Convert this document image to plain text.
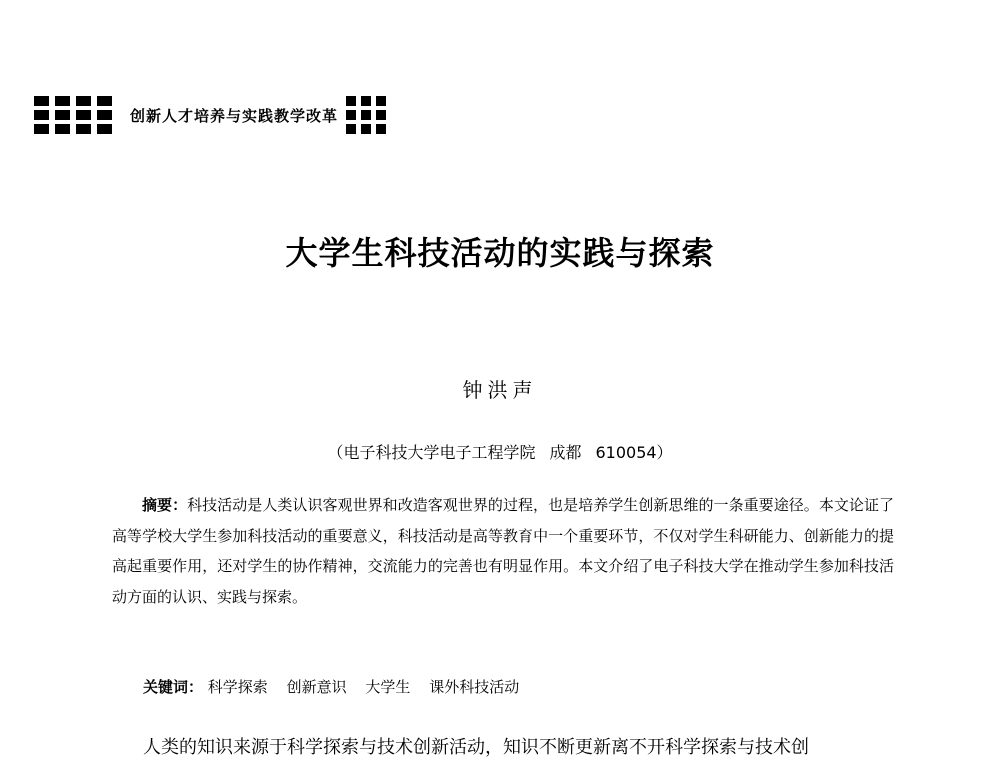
创新人才培养与实践教学改革
大学生科技活动的实践与探索
钟洪声
（电子科技大学电子工程学院 成都 610054）
摘要：科技活动是人类认识客观世界和改造客观世界的过程，也是培养学生创新思维的一条重要途径。本文论证了高等学校大学生参加科技活动的重要意义，科技活动是高等教育中一个重要环节，不仅对学生科研能力、创新能力的提高起重要作用，还对学生的协作精神，交流能力的完善也有明显作用。本文介绍了电子科技大学在推动学生参加科技活动方面的认识、实践与探索。
关键词： 科学探索 创新意识 大学生 课外科技活动
人类的知识来源于科学探索与技术创新活动，知识不断更新离不开科学探索与技术创
